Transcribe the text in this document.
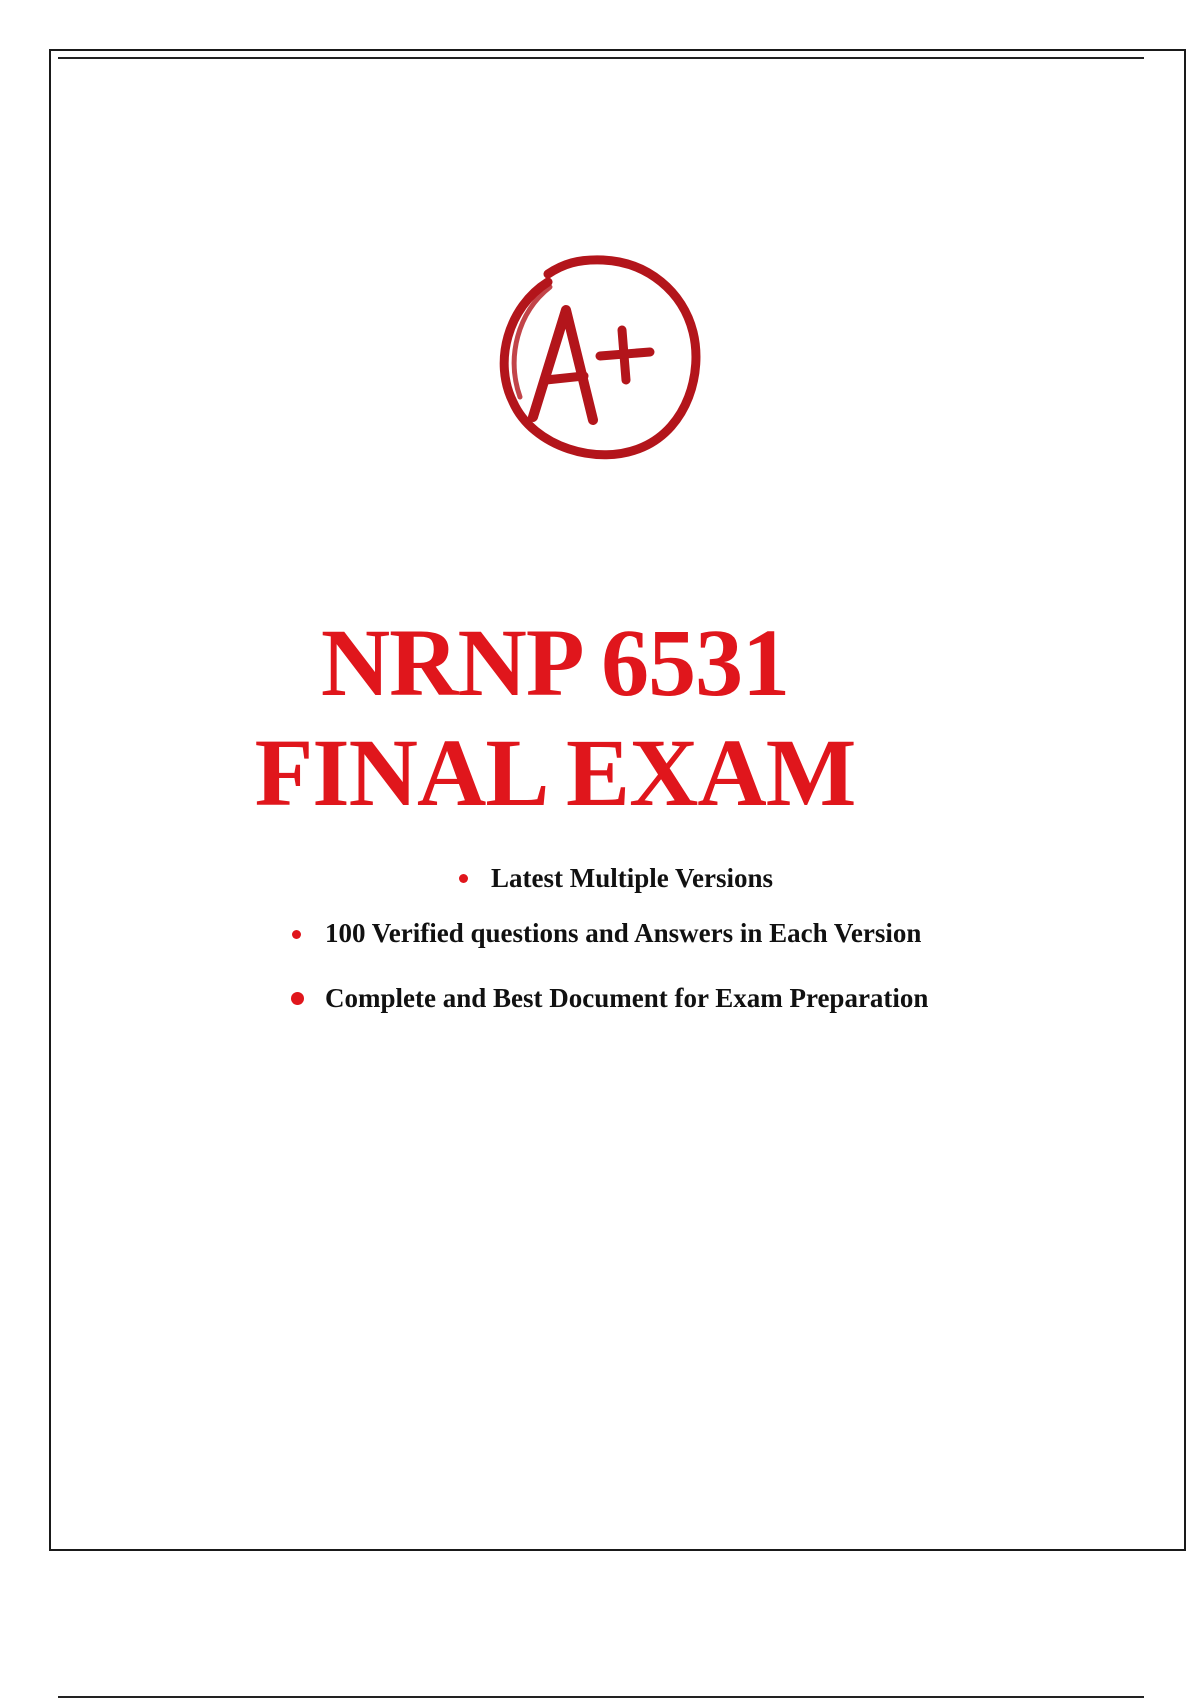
NRNP 6531
FINAL EXAM
Latest Multiple Versions
100 Verified questions and Answers in Each Version
Complete and Best Document for Exam Preparation
